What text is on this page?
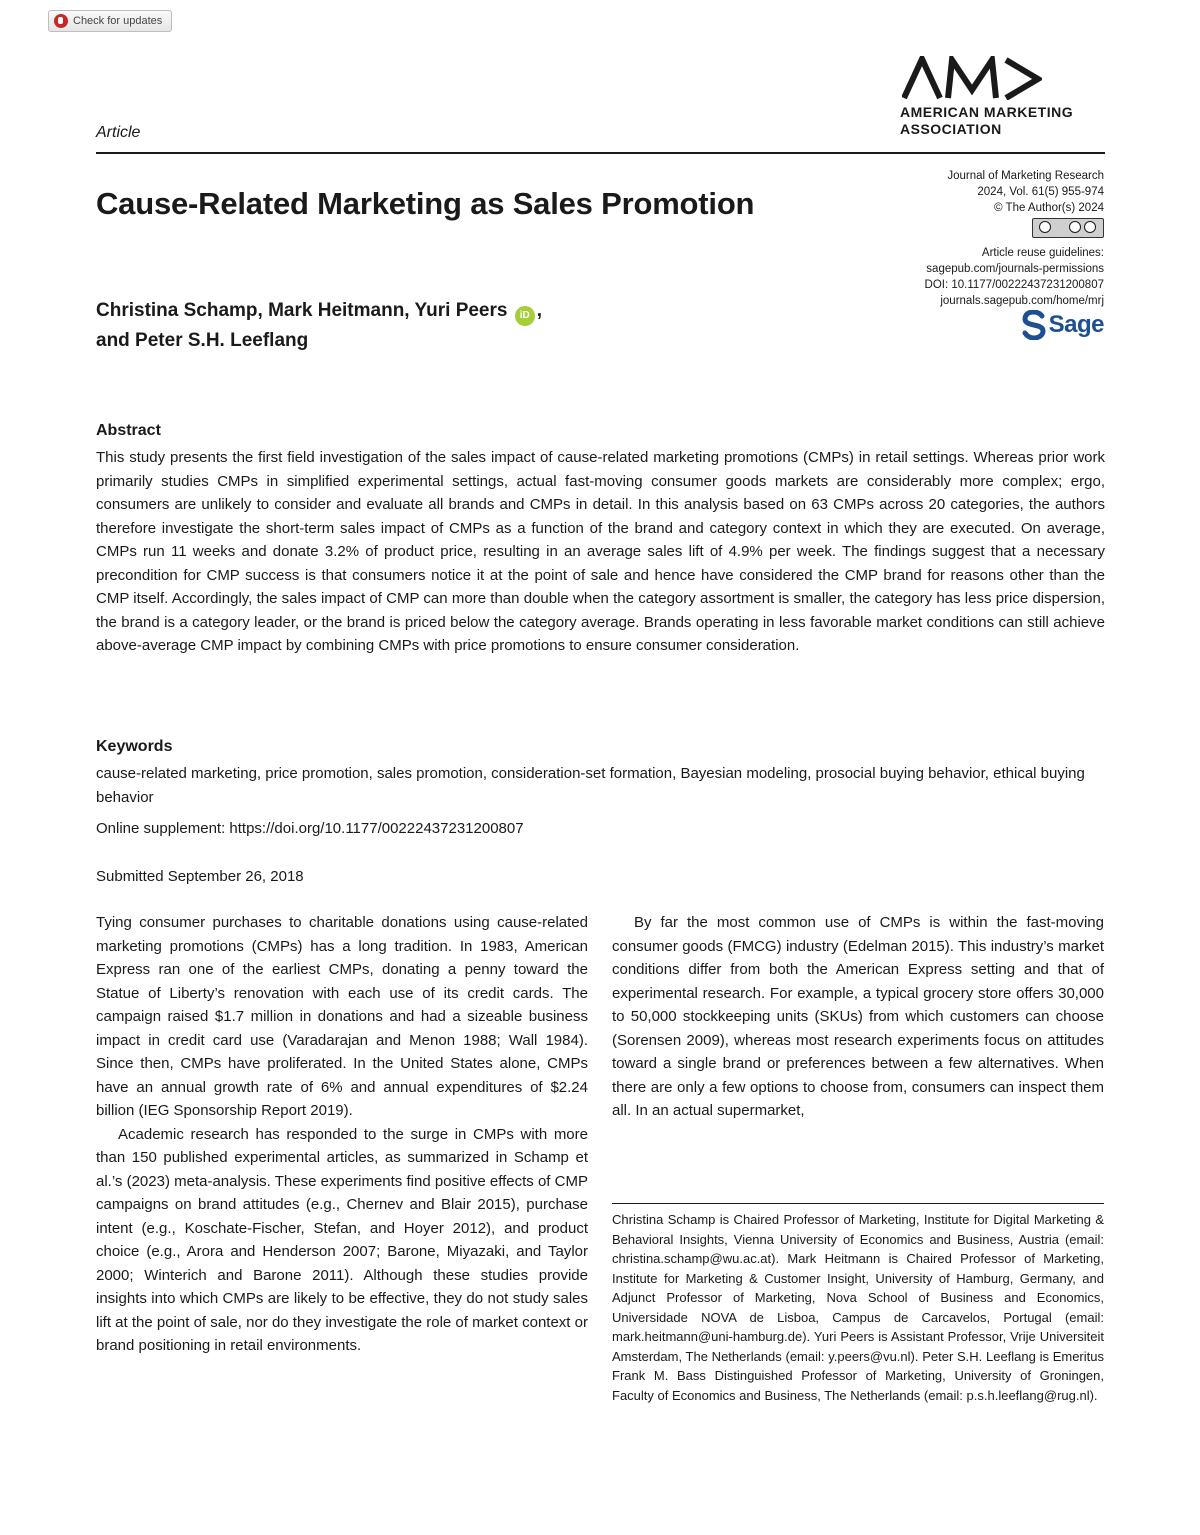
Check for updates
AMERICAN MARKETING
ASSOCIATION
Article
Cause-Related Marketing as Sales Promotion
Journal of Marketing Research
2024, Vol. 61(5) 955-974
© The Author(s) 2024
Article reuse guidelines:
sagepub.com/journals-permissions
DOI: 10.1177/00222437231200807
journals.sagepub.com/home/mrj
Sage
Christina Schamp, Mark Heitmann, Yuri Peers iD ,
and Peter S.H. Leeflang
Abstract
This study presents the first field investigation of the sales impact of cause-related marketing promotions (CMPs) in retail settings. Whereas prior work primarily studies CMPs in simplified experimental settings, actual fast-moving consumer goods markets are considerably more complex; ergo, consumers are unlikely to consider and evaluate all brands and CMPs in detail. In this analysis based on 63 CMPs across 20 categories, the authors therefore investigate the short-term sales impact of CMPs as a function of the brand and category context in which they are executed. On average, CMPs run 11 weeks and donate 3.2% of product price, resulting in an average sales lift of 4.9% per week. The findings suggest that a necessary precondition for CMP success is that consumers notice it at the point of sale and hence have considered the CMP brand for reasons other than the CMP itself. Accordingly, the sales impact of CMP can more than double when the category assortment is smaller, the category has less price dispersion, the brand is a category leader, or the brand is priced below the category average. Brands operating in less favorable market conditions can still achieve above-average CMP impact by combining CMPs with price promotions to ensure consumer consideration.
Keywords
cause-related marketing, price promotion, sales promotion, consideration-set formation, Bayesian modeling, prosocial buying behavior, ethical buying behavior
Online supplement: https://doi.org/10.1177/00222437231200807
Submitted September 26, 2018

Tying consumer purchases to charitable donations using cause-related marketing promotions (CMPs) has a long tradition. In 1983, American Express ran one of the earliest CMPs, donating a penny toward the Statue of Liberty’s renovation with each use of its credit cards. The campaign raised $1.7 million in donations and had a sizeable business impact in credit card use (Varadarajan and Menon 1988; Wall 1984). Since then, CMPs have proliferated. In the United States alone, CMPs have an annual growth rate of 6% and annual expenditures of $2.24 billion (IEG Sponsorship Report 2019).

Academic research has responded to the surge in CMPs with more than 150 published experimental articles, as summarized in Schamp et al.’s (2023) meta-analysis. These experiments find positive effects of CMP campaigns on brand attitudes (e.g., Chernev and Blair 2015), purchase intent (e.g., Koschate-Fischer, Stefan, and Hoyer 2012), and product choice (e.g., Arora and Henderson 2007; Barone, Miyazaki, and Taylor 2000; Winterich and Barone 2011). Although these studies provide insights into which CMPs are likely to be effective, they do not study sales lift at the point of sale, nor do they investigate the role of market context or brand positioning in retail environments.

By far the most common use of CMPs is within the fast-moving consumer goods (FMCG) industry (Edelman 2015). This industry’s market conditions differ from both the American Express setting and that of experimental research. For example, a typical grocery store offers 30,000 to 50,000 stockkeeping units (SKUs) from which customers can choose (Sorensen 2009), whereas most research experiments focus on attitudes toward a single brand or preferences between a few alternatives. When there are only a few options to choose from, consumers can inspect them all. In an actual supermarket,

Christina Schamp is Chaired Professor of Marketing, Institute for Digital Marketing & Behavioral Insights, Vienna University of Economics and Business, Austria (email: christina.schamp@wu.ac.at). Mark Heitmann is Chaired Professor of Marketing, Institute for Marketing & Customer Insight, University of Hamburg, Germany, and Adjunct Professor of Marketing, Nova School of Business and Economics, Universidade NOVA de Lisboa, Campus de Carcavelos, Portugal (email: mark.heitmann@uni-hamburg.de). Yuri Peers is Assistant Professor, Vrije Universiteit Amsterdam, The Netherlands (email: y.peers@vu.nl). Peter S.H. Leeflang is Emeritus Frank M. Bass Distinguished Professor of Marketing, University of Groningen, Faculty of Economics and Business, The Netherlands (email: p.s.h.leeflang@rug.nl).
